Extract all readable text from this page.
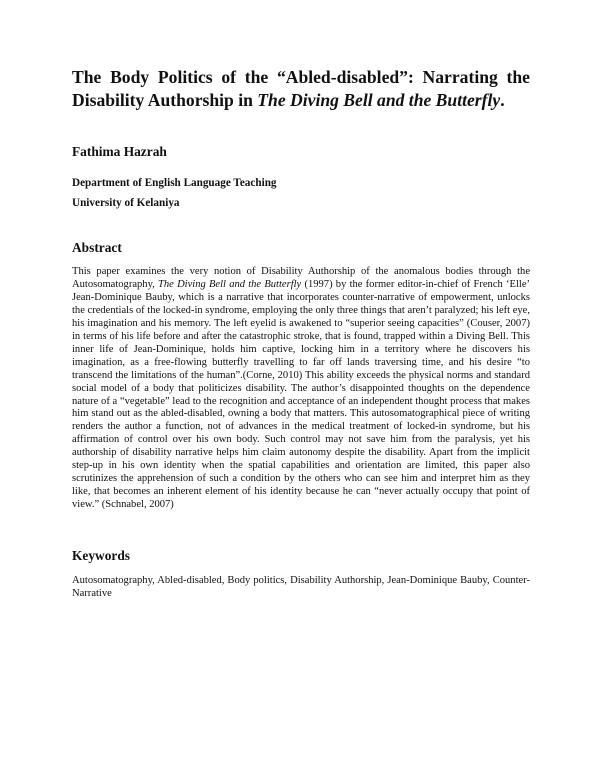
The Body Politics of the “Abled-disabled”: Narrating the Disability Authorship in The Diving Bell and the Butterfly.
Fathima Hazrah
Department of English Language Teaching
University of Kelaniya
Abstract

This paper examines the very notion of Disability Authorship of the anomalous bodies through the Autosomatography, The Diving Bell and the Butterfly (1997) by the former editor-in-chief of French ‘Elle’ Jean-Dominique Bauby, which is a narrative that incorporates counter-narrative of empowerment, unlocks the credentials of the locked-in syndrome, employing the only three things that aren’t paralyzed; his left eye, his imagination and his memory. The left eyelid is awakened to “superior seeing capacities” (Couser, 2007) in terms of his life before and after the catastrophic stroke, that is found, trapped within a Diving Bell. This inner life of Jean-Dominique, holds him captive, locking him in a territory where he discovers his imagination, as a free-flowing butterfly travelling to far off lands traversing time, and his desire “to transcend the limitations of the human”.(Corne, 2010) This ability exceeds the physical norms and standard social model of a body that politicizes disability. The author’s disappointed thoughts on the dependence nature of a “vegetable” lead to the recognition and acceptance of an independent thought process that makes him stand out as the abled-disabled, owning a body that matters. This autosomatographical piece of writing renders the author a function, not of advances in the medical treatment of locked-in syndrome, but his affirmation of control over his own body. Such control may not save him from the paralysis, yet his authorship of disability narrative helps him claim autonomy despite the disability. Apart from the implicit step-up in his own identity when the spatial capabilities and orientation are limited, this paper also scrutinizes the apprehension of such a condition by the others who can see him and interpret him as they like, that becomes an inherent element of his identity because he can “never actually occupy that point of view.” (Schnabel, 2007)

Keywords

Autosomatography, Abled-disabled, Body politics, Disability Authorship, Jean-Dominique Bauby, Counter-Narrative
